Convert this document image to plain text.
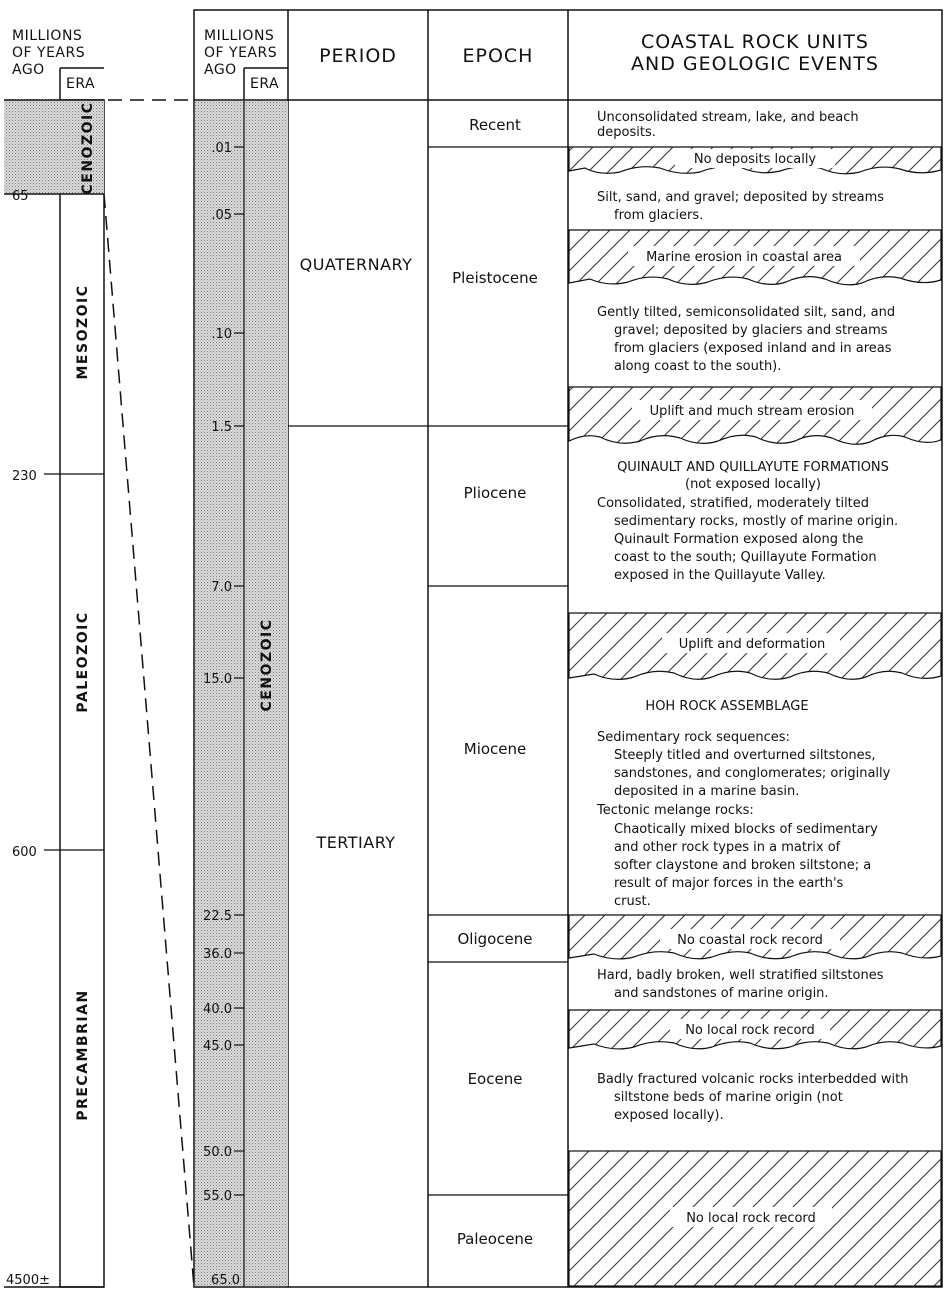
MILLIONS
OF YEARS
AGO
ERA
65
230
600
4500±
CENOZOIC
MESOZOIC
PALEOZOIC
PRECAMBRIAN
MILLIONS
OF YEARS
AGO
ERA
PERIOD	EPOCH
COASTAL ROCK UNITS
AND GEOLOGIC EVENTS
CENOZOIC
.01
.05
.10
1.5
7.0
15.0
22.5
36.0
40.0
45.0
50.0
55.0
65.0
QUATERNARY
TERTIARY
Recent
Pleistocene
Pliocene
Miocene
Oligocene
Eocene
Paleocene
Unconsolidated stream, lake, and beach
deposits.
No deposits locally
Silt, sand, and gravel; deposited by streams
from glaciers.
Marine erosion in coastal area
Gently tilted, semiconsolidated silt, sand, and
gravel; deposited by glaciers and streams
from glaciers (exposed inland and in areas
along coast to the south).
Uplift and much stream erosion
QUINAULT AND QUILLAYUTE FORMATIONS
(not exposed locally)
Consolidated, stratified, moderately tilted
sedimentary rocks, mostly of marine origin.
Quinault Formation exposed along the
coast to the south; Quillayute Formation
exposed in the Quillayute Valley.
Uplift and deformation
HOH ROCK ASSEMBLAGE
Sedimentary rock sequences:
Steeply titled and overturned siltstones,
sandstones, and conglomerates; originally
deposited in a marine basin.
Tectonic melange rocks:
Chaotically mixed blocks of sedimentary
and other rock types in a matrix of
softer claystone and broken siltstone; a
result of major forces in the earth's
crust.
No coastal rock record
Hard, badly broken, well stratified siltstones
and sandstones of marine origin.
No local rock record
Badly fractured volcanic rocks interbedded with
siltstone beds of marine origin (not
exposed locally).
No local rock record
